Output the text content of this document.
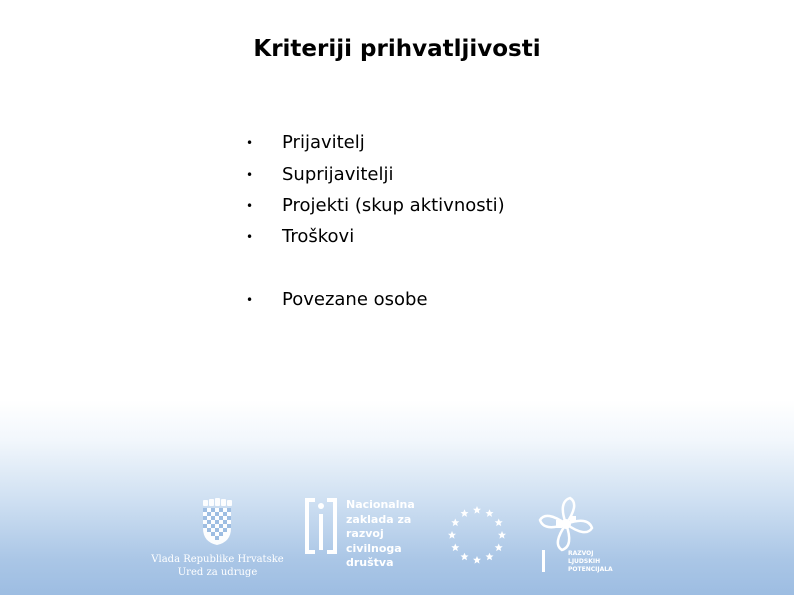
Kriteriji prihvatljivosti
• Prijavitelj
• Suprijavitelji
• Projekti (skup aktivnosti)
• Troškovi
• Povezane osobe
Vlada Republike Hrvatske
Ured za udruge
Nacionalna
zaklada za
razvoj
civilnoga
društva
RAZVOJ
LJUDSKIH
POTENCIJALA
